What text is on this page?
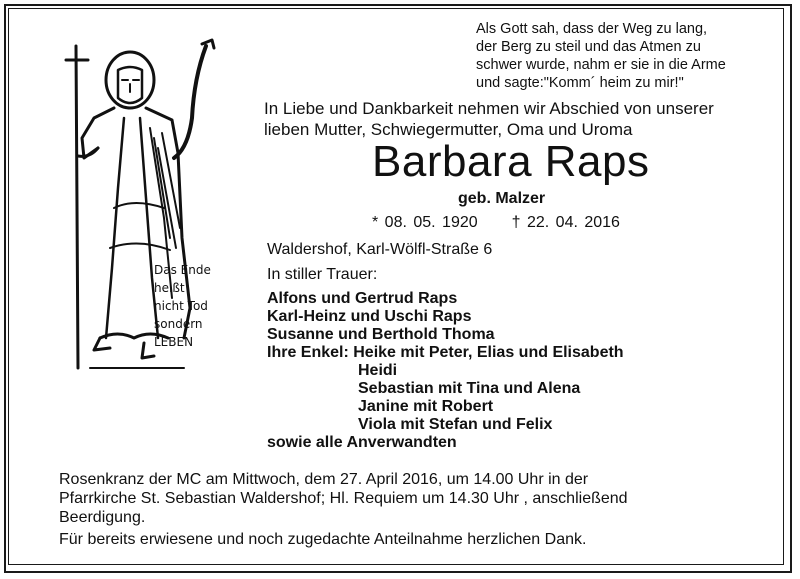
Das Ende
heißt
nicht Tod
sondern
LEBEN
Als Gott sah, dass der Weg zu lang,
der Berg zu steil und das Atmen zu
schwer wurde, nahm er sie in die Arme
und sagte:"Komm´ heim zu mir!"
In Liebe und Dankbarkeit nehmen wir Abschied von unserer
lieben Mutter, Schwiegermutter, Oma und Uroma
Barbara Raps
geb. Malzer
* 08. 05. 1920 † 22. 04. 2016
Waldershof, Karl-Wölfl-Straße 6
In stiller Trauer:
Alfons und Gertrud Raps
Karl-Heinz und Uschi Raps
Susanne und Berthold Thoma
Ihre Enkel: Heike mit Peter, Elias und Elisabeth
Heidi
Sebastian mit Tina und Alena
Janine mit Robert
Viola mit Stefan und Felix
sowie alle Anverwandten
Rosenkranz der MC am Mittwoch, dem 27. April 2016, um 14.00 Uhr in der
Pfarrkirche St. Sebastian Waldershof; Hl. Requiem um 14.30 Uhr , anschließend
Beerdigung.
Für bereits erwiesene und noch zugedachte Anteilnahme herzlichen Dank.
